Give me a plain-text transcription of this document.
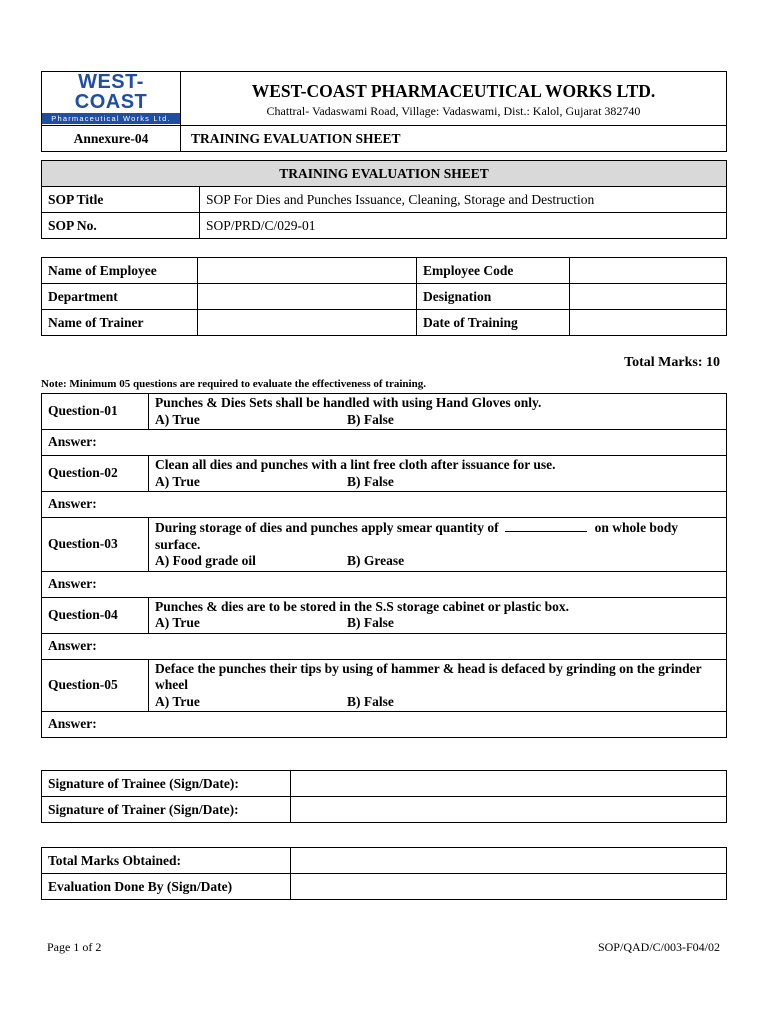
WEST-COAST
Pharmaceutical Works Ltd.	WEST-COAST PHARMACEUTICAL WORKS LTD.
Chattral- Vadaswami Road, Village: Vadaswami, Dist.: Kalol, Gujarat 382740

Annexure-04	TRAINING EVALUATION SHEET
TRAINING EVALUATION SHEET	
SOP Title	SOP For Dies and Punches Issuance, Cleaning, Storage and Destruction
SOP No.	SOP/PRD/C/029-01
Name of Employee		Employee Code	
Department		Designation	
Name of Trainer		Date of Training	
Total Marks: 10
Note: Minimum 05 questions are required to evaluate the effectiveness of training.
Question-01	Punches & Dies Sets shall be handled with using Hand Gloves only.
A) True B) False
Answer:	
Question-02	Clean all dies and punches with a lint free cloth after issuance for use.
A) True B) False
Answer:	
Question-03	During storage of dies and punches apply smear quantity of on whole body surface.
A) Food grade oil B) Grease
Answer:	
Question-04	Punches & dies are to be stored in the S.S storage cabinet or plastic box.
A) True B) False
Answer:	
Question-05	Deface the punches their tips by using of hammer & head is defaced by grinding on the grinder wheel
A) True B) False
Answer:	
Signature of Trainee (Sign/Date):	
Signature of Trainer (Sign/Date):	
Total Marks Obtained:	
Evaluation Done By (Sign/Date)	
Page 1 of 2	SOP/QAD/C/003-F04/02
